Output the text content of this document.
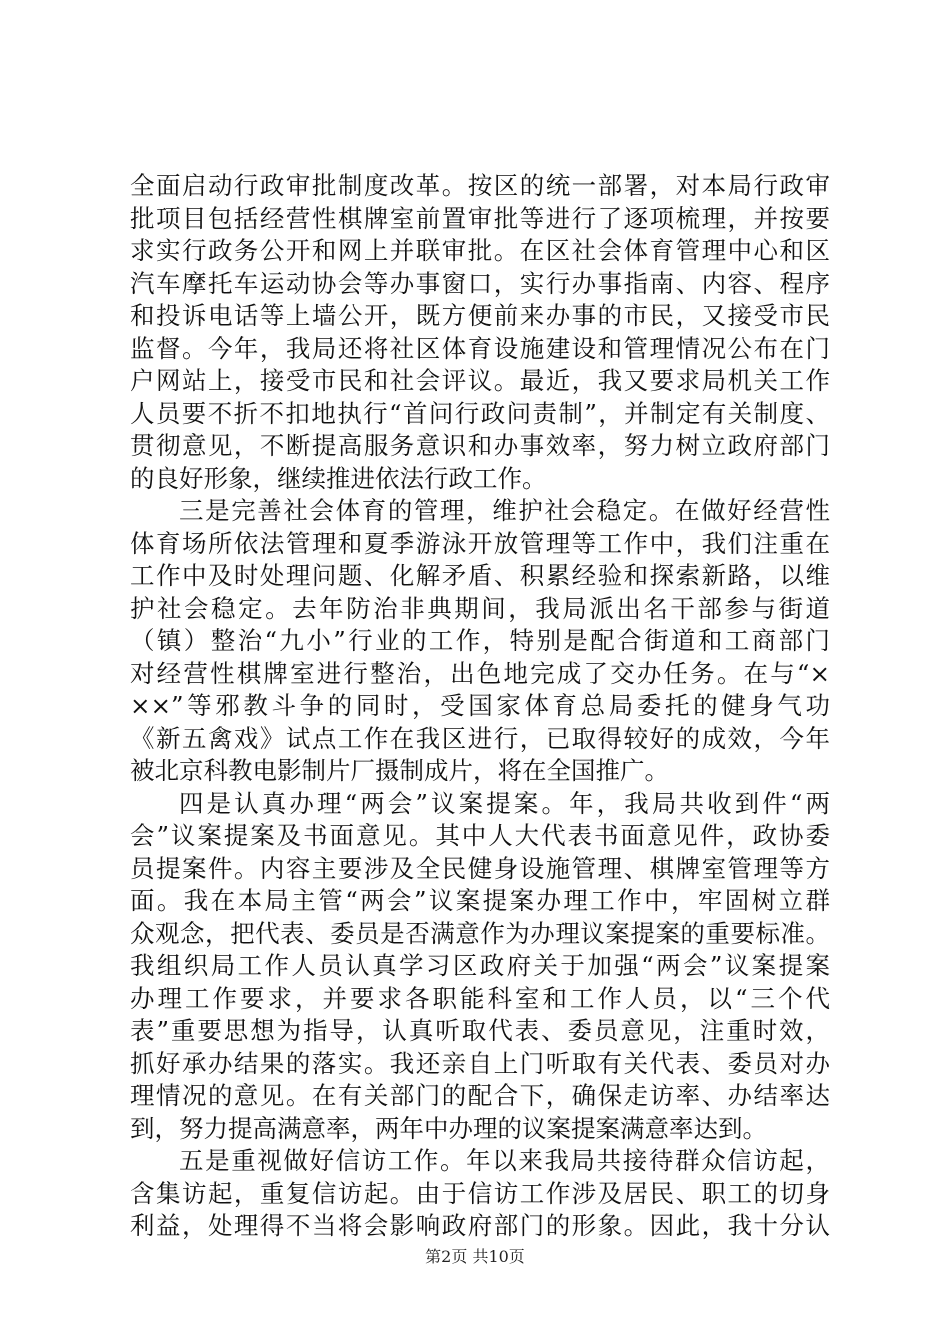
全面启动行政审批制度改革。按区的统一部署，对本局行政审
批项目包括经营性棋牌室前置审批等进行了逐项梳理，并按要
求实行政务公开和网上并联审批。在区社会体育管理中心和区
汽车摩托车运动协会等办事窗口，实行办事指南、内容、程序
和投诉电话等上墙公开，既方便前来办事的市民，又接受市民
监督。今年，我局还将社区体育设施建设和管理情况公布在门
户网站上，接受市民和社会评议。最近，我又要求局机关工作
人员要不折不扣地执行“首问行政问责制”，并制定有关制度、
贯彻意见，不断提高服务意识和办事效率，努力树立政府部门
的良好形象，继续推进依法行政工作。
三是完善社会体育的管理，维护社会稳定。在做好经营性
体育场所依法管理和夏季游泳开放管理等工作中，我们注重在
工作中及时处理问题、化解矛盾、积累经验和探索新路，以维
护社会稳定。去年防治非典期间，我局派出名干部参与街道
（镇）整治“九小”行业的工作，特别是配合街道和工商部门
对经营性棋牌室进行整治，出色地完成了交办任务。在与“×
××”等邪教斗争的同时，受国家体育总局委托的健身气功
《新五禽戏》试点工作在我区进行，已取得较好的成效，今年
被北京科教电影制片厂摄制成片，将在全国推广。
四是认真办理“两会”议案提案。年，我局共收到件“两
会”议案提案及书面意见。其中人大代表书面意见件，政协委
员提案件。内容主要涉及全民健身设施管理、棋牌室管理等方
面。我在本局主管“两会”议案提案办理工作中，牢固树立群
众观念，把代表、委员是否满意作为办理议案提案的重要标准。
我组织局工作人员认真学习区政府关于加强“两会”议案提案
办理工作要求，并要求各职能科室和工作人员，以“三个代
表”重要思想为指导，认真听取代表、委员意见，注重时效，
抓好承办结果的落实。我还亲自上门听取有关代表、委员对办
理情况的意见。在有关部门的配合下，确保走访率、办结率达
到，努力提高满意率，两年中办理的议案提案满意率达到。
五是重视做好信访工作。年以来我局共接待群众信访起，
含集访起，重复信访起。由于信访工作涉及居民、职工的切身
利益，处理得不当将会影响政府部门的形象。因此，我十分认
第2页 共10页
